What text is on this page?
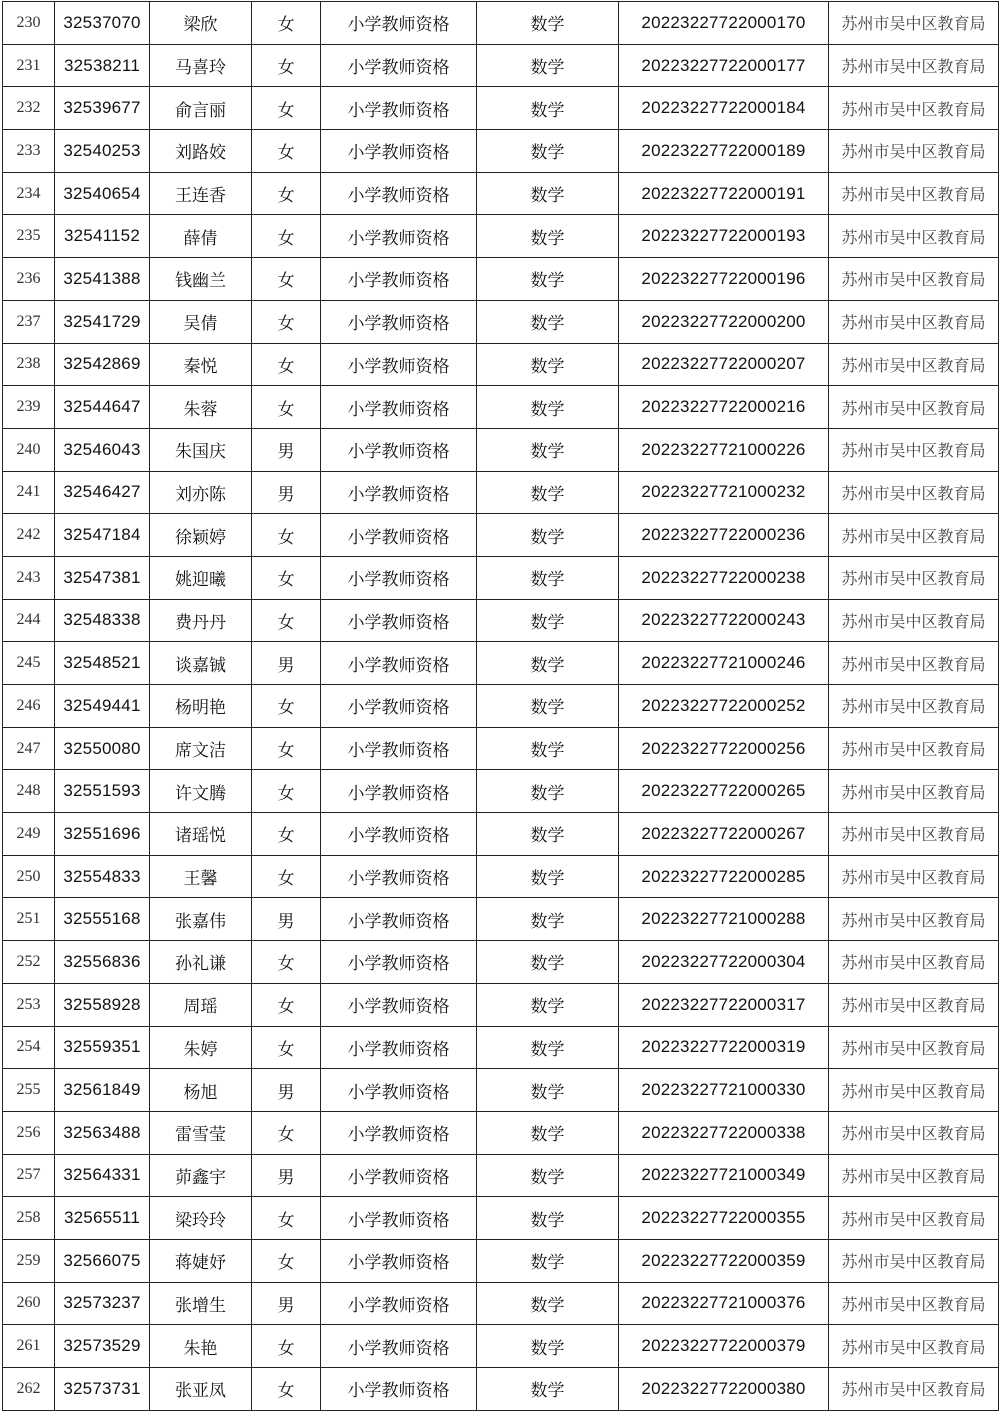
230	32537070	梁欣	女	小学教师资格	数学	20223227722000170	苏州市吴中区教育局
231	32538211	马喜玲	女	小学教师资格	数学	20223227722000177	苏州市吴中区教育局
232	32539677	俞言丽	女	小学教师资格	数学	20223227722000184	苏州市吴中区教育局
233	32540253	刘路姣	女	小学教师资格	数学	20223227722000189	苏州市吴中区教育局
234	32540654	王连香	女	小学教师资格	数学	20223227722000191	苏州市吴中区教育局
235	32541152	薛倩	女	小学教师资格	数学	20223227722000193	苏州市吴中区教育局
236	32541388	钱幽兰	女	小学教师资格	数学	20223227722000196	苏州市吴中区教育局
237	32541729	吴倩	女	小学教师资格	数学	20223227722000200	苏州市吴中区教育局
238	32542869	秦悦	女	小学教师资格	数学	20223227722000207	苏州市吴中区教育局
239	32544647	朱蓉	女	小学教师资格	数学	20223227722000216	苏州市吴中区教育局
240	32546043	朱国庆	男	小学教师资格	数学	20223227721000226	苏州市吴中区教育局
241	32546427	刘亦陈	男	小学教师资格	数学	20223227721000232	苏州市吴中区教育局
242	32547184	徐颖婷	女	小学教师资格	数学	20223227722000236	苏州市吴中区教育局
243	32547381	姚迎曦	女	小学教师资格	数学	20223227722000238	苏州市吴中区教育局
244	32548338	费丹丹	女	小学教师资格	数学	20223227722000243	苏州市吴中区教育局
245	32548521	谈嘉铖	男	小学教师资格	数学	20223227721000246	苏州市吴中区教育局
246	32549441	杨明艳	女	小学教师资格	数学	20223227722000252	苏州市吴中区教育局
247	32550080	席文洁	女	小学教师资格	数学	20223227722000256	苏州市吴中区教育局
248	32551593	许文腾	女	小学教师资格	数学	20223227722000265	苏州市吴中区教育局
249	32551696	诸瑶悦	女	小学教师资格	数学	20223227722000267	苏州市吴中区教育局
250	32554833	王馨	女	小学教师资格	数学	20223227722000285	苏州市吴中区教育局
251	32555168	张嘉伟	男	小学教师资格	数学	20223227721000288	苏州市吴中区教育局
252	32556836	孙礼谦	女	小学教师资格	数学	20223227722000304	苏州市吴中区教育局
253	32558928	周瑶	女	小学教师资格	数学	20223227722000317	苏州市吴中区教育局
254	32559351	朱婷	女	小学教师资格	数学	20223227722000319	苏州市吴中区教育局
255	32561849	杨旭	男	小学教师资格	数学	20223227721000330	苏州市吴中区教育局
256	32563488	雷雪莹	女	小学教师资格	数学	20223227722000338	苏州市吴中区教育局
257	32564331	茆鑫宇	男	小学教师资格	数学	20223227721000349	苏州市吴中区教育局
258	32565511	梁玲玲	女	小学教师资格	数学	20223227722000355	苏州市吴中区教育局
259	32566075	蒋婕妤	女	小学教师资格	数学	20223227722000359	苏州市吴中区教育局
260	32573237	张增生	男	小学教师资格	数学	20223227721000376	苏州市吴中区教育局
261	32573529	朱艳	女	小学教师资格	数学	20223227722000379	苏州市吴中区教育局
262	32573731	张亚凤	女	小学教师资格	数学	20223227722000380	苏州市吴中区教育局
